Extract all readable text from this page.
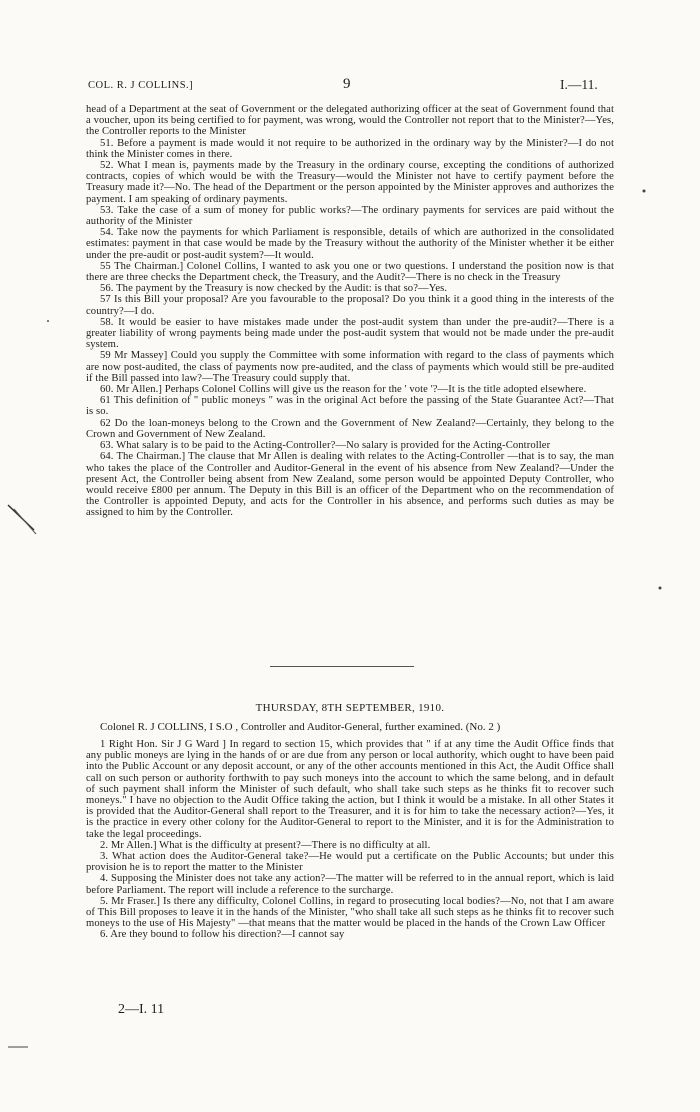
COL. R. J COLLINS.]	9	I.—11.

head of a Department at the seat of Government or the delegated authorizing officer at the seat of Government found that a voucher, upon its being certified to for payment, was wrong, would the Controller not report that to the Minister?—Yes, the Controller reports to the Minister

51. Before a payment is made would it not require to be authorized in the ordinary way by the Minister?—I do not think the Minister comes in there.

52. What I mean is, payments made by the Treasury in the ordinary course, excepting the conditions of authorized contracts, copies of which would be with the Treasury—would the Minister not have to certify payment before the Treasury made it?—No. The head of the Department or the person appointed by the Minister approves and authorizes the payment. I am speaking of ordinary payments.

53. Take the case of a sum of money for public works?—The ordinary payments for services are paid without the authority of the Minister

54. Take now the payments for which Parliament is responsible, details of which are authorized in the consolidated estimates: payment in that case would be made by the Treasury without the authority of the Minister whether it be either under the pre-audit or post-audit system?—It would.

55 The Chairman.] Colonel Collins, I wanted to ask you one or two questions. I understand the position now is that there are three checks the Department check, the Treasury, and the Audit?—There is no check in the Treasury

56. The payment by the Treasury is now checked by the Audit: is that so?—Yes.

57 Is this Bill your proposal? Are you favourable to the proposal? Do you think it a good thing in the interests of the country?—I do.

58. It would be easier to have mistakes made under the post-audit system than under the pre-audit?—There is a greater liability of wrong payments being made under the post-audit system that would not be made under the pre-audit system.

59 Mr Massey] Could you supply the Committee with some information with regard to the class of payments which are now post-audited, the class of payments now pre-audited, and the class of payments which would still be pre-audited if the Bill passed into law?—The Treasury could supply that.

60. Mr Allen.] Perhaps Colonel Collins will give us the reason for the ' vote '?—It is the title adopted elsewhere.

61 This definition of " public moneys " was in the original Act before the passing of the State Guarantee Act?—That is so.

62 Do the loan-moneys belong to the Crown and the Government of New Zealand?—Certainly, they belong to the Crown and Government of New Zealand.

63. What salary is to be paid to the Acting-Controller?—No salary is provided for the Acting-Controller

64. The Chairman.] The clause that Mr Allen is dealing with relates to the Acting-Controller —that is to say, the man who takes the place of the Controller and Auditor-General in the event of his absence from New Zealand?—Under the present Act, the Controller being absent from New Zealand, some person would be appointed Deputy Controller, who would receive £800 per annum. The Deputy in this Bill is an officer of the Department who on the recommendation of the Controller is appointed Deputy, and acts for the Controller in his absence, and performs such duties as may be assigned to him by the Controller.

THURSDAY, 8TH SEPTEMBER, 1910.
Colonel R. J COLLINS, I S.O , Controller and Auditor-General, further examined. (No. 2 )

1 Right Hon. Sir J G Ward ] In regard to section 15, which provides that " if at any time the Audit Office finds that any public moneys are lying in the hands of or are due from any person or local authority, which ought to have been paid into the Public Account or any deposit account, or any of the other accounts mentioned in this Act, the Audit Office shall call on such person or authority forthwith to pay such moneys into the account to which the same belong, and in default of such payment shall inform the Minister of such default, who shall take such steps as he thinks fit to recover such moneys." I have no objection to the Audit Office taking the action, but I think it would be a mistake. In all other States it is provided that the Auditor-General shall report to the Treasurer, and it is for him to take the necessary action?—Yes, it is the practice in every other colony for the Auditor-General to report to the Minister, and it is for the Administration to take the legal proceedings.

2. Mr Allen.] What is the difficulty at present?—There is no difficulty at all.

3. What action does the Auditor-General take?—He would put a certificate on the Public Accounts; but under this provision he is to report the matter to the Minister

4. Supposing the Minister does not take any action?—The matter will be referred to in the annual report, which is laid before Parliament. The report will include a reference to the surcharge.

5. Mr Fraser.] Is there any difficulty, Colonel Collins, in regard to prosecuting local bodies?—No, not that I am aware of This Bill proposes to leave it in the hands of the Minister, "who shall take all such steps as he thinks fit to recover such moneys to the use of His Majesty" —that means that the matter would be placed in the hands of the Crown Law Officer

6. Are they bound to follow his direction?—I cannot say

2—I. 11
